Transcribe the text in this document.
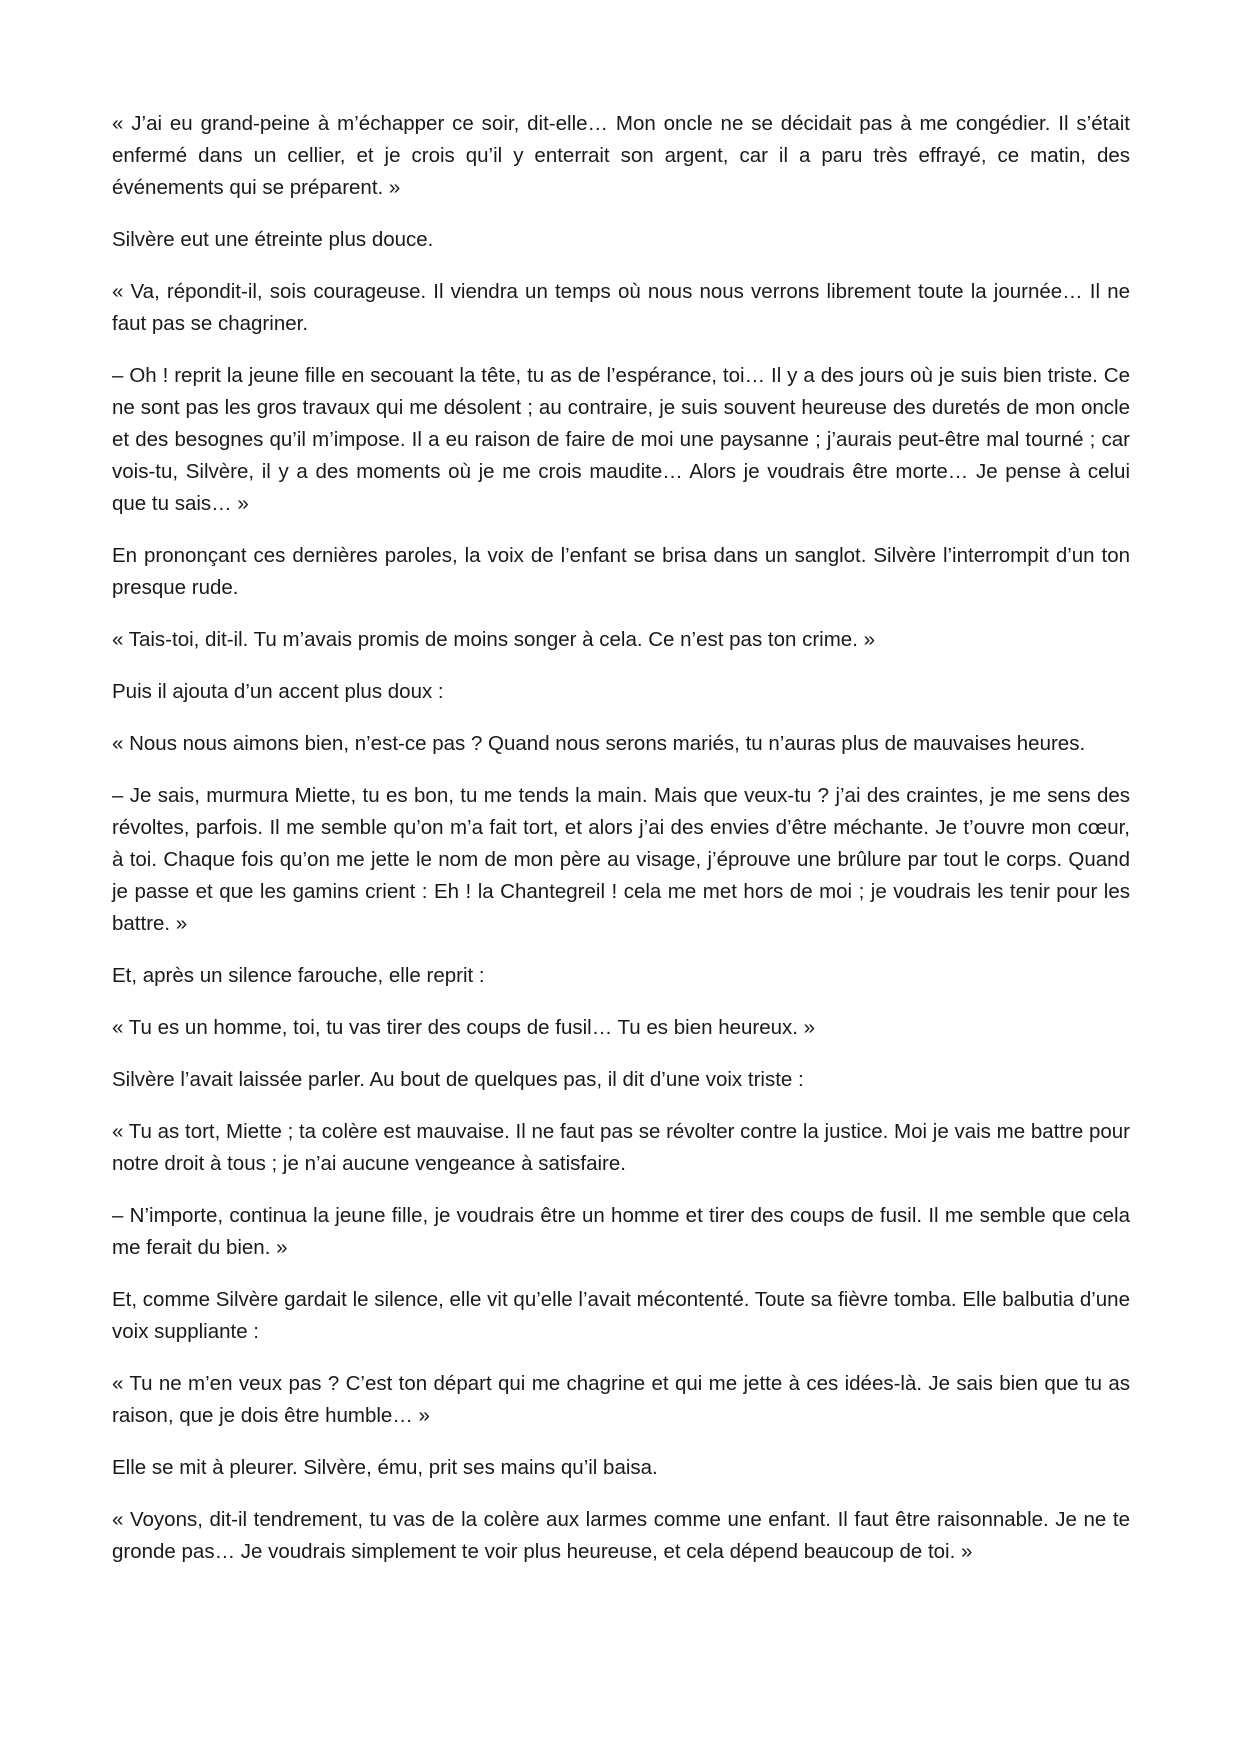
« J’ai eu grand-peine à m’échapper ce soir, dit-elle… Mon oncle ne se décidait pas à me congédier. Il s’était enfermé dans un cellier, et je crois qu’il y enterrait son argent, car il a paru très effrayé, ce matin, des événements qui se préparent. »

Silvère eut une étreinte plus douce.

« Va, répondit-il, sois courageuse. Il viendra un temps où nous nous verrons librement toute la journée… Il ne faut pas se chagriner.

– Oh ! reprit la jeune fille en secouant la tête, tu as de l’espérance, toi… Il y a des jours où je suis bien triste. Ce ne sont pas les gros travaux qui me désolent ; au contraire, je suis souvent heureuse des duretés de mon oncle et des besognes qu’il m’impose. Il a eu raison de faire de moi une paysanne ; j’aurais peut-être mal tourné ; car vois-tu, Silvère, il y a des moments où je me crois maudite… Alors je voudrais être morte… Je pense à celui que tu sais… »

En prononçant ces dernières paroles, la voix de l’enfant se brisa dans un sanglot. Silvère l’interrompit d’un ton presque rude.

« Tais-toi, dit-il. Tu m’avais promis de moins songer à cela. Ce n’est pas ton crime. »

Puis il ajouta d’un accent plus doux :

« Nous nous aimons bien, n’est-ce pas ? Quand nous serons mariés, tu n’auras plus de mauvaises heures.

– Je sais, murmura Miette, tu es bon, tu me tends la main. Mais que veux-tu ? j’ai des craintes, je me sens des révoltes, parfois. Il me semble qu’on m’a fait tort, et alors j’ai des envies d’être méchante. Je t’ouvre mon cœur, à toi. Chaque fois qu’on me jette le nom de mon père au visage, j’éprouve une brûlure par tout le corps. Quand je passe et que les gamins crient : Eh ! la Chantegreil ! cela me met hors de moi ; je voudrais les tenir pour les battre. »

Et, après un silence farouche, elle reprit :

« Tu es un homme, toi, tu vas tirer des coups de fusil… Tu es bien heureux. »

Silvère l’avait laissée parler. Au bout de quelques pas, il dit d’une voix triste :

« Tu as tort, Miette ; ta colère est mauvaise. Il ne faut pas se révolter contre la justice. Moi je vais me battre pour notre droit à tous ; je n’ai aucune vengeance à satisfaire.

– N’importe, continua la jeune fille, je voudrais être un homme et tirer des coups de fusil. Il me semble que cela me ferait du bien. »

Et, comme Silvère gardait le silence, elle vit qu’elle l’avait mécontenté. Toute sa fièvre tomba. Elle balbutia d’une voix suppliante :

« Tu ne m’en veux pas ? C’est ton départ qui me chagrine et qui me jette à ces idées-là. Je sais bien que tu as raison, que je dois être humble… »

Elle se mit à pleurer. Silvère, ému, prit ses mains qu’il baisa.

« Voyons, dit-il tendrement, tu vas de la colère aux larmes comme une enfant. Il faut être raisonnable. Je ne te gronde pas… Je voudrais simplement te voir plus heureuse, et cela dépend beaucoup de toi. »
